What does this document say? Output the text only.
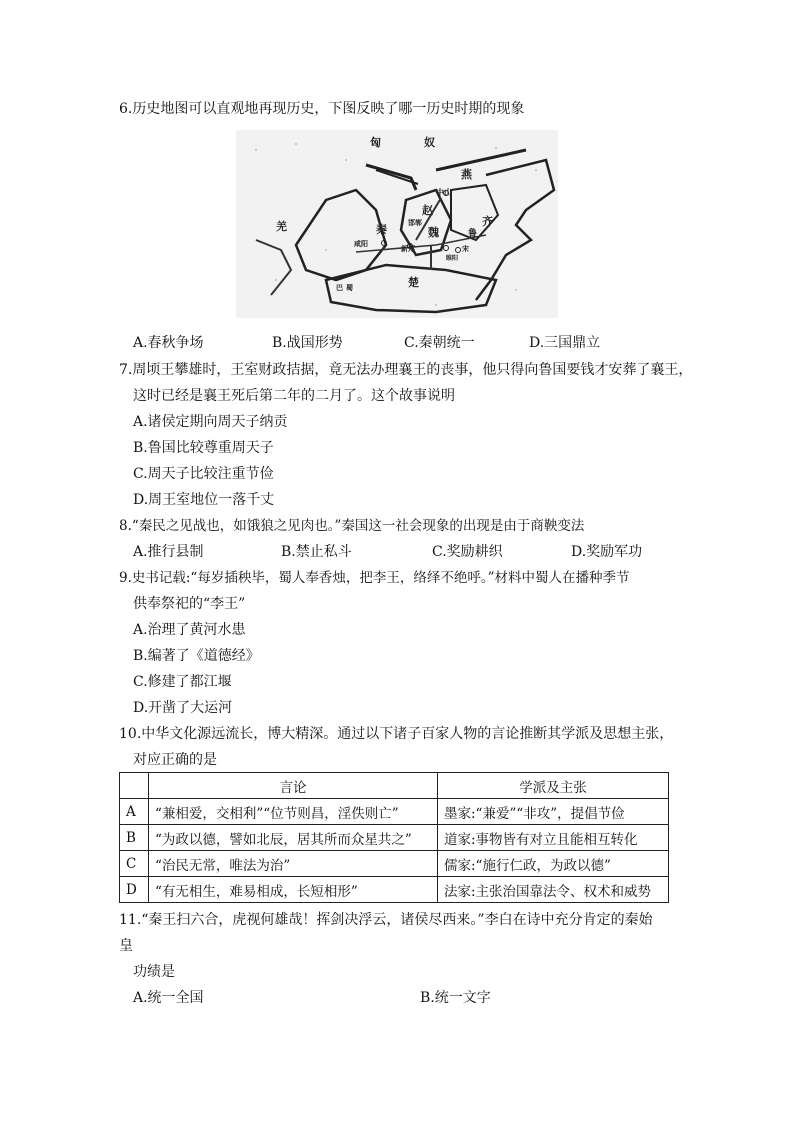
6.历史地图可以直观地再现历史，下图反映了哪一历史时期的现象
匈	奴
燕
中山
赵
邯郸	齐
羌	秦	魏	鲁
咸阳
新郑	宋
睢阳
巴 蜀	楚
A.春秋争场	B.战国形势	C.秦朝统一	D.三国鼎立
7.周顷王攀雄时，王室财政拮据，竟无法办理襄王的丧事，他只得向鲁国要钱才安葬了襄王，
这时已经是襄王死后第二年的二月了。这个故事说明
A.诸侯定期向周天子纳贡
B.鲁国比较尊重周天子
C.周天子比较注重节俭
D.周王室地位一落千丈
8.“秦民之见战也，如饿狼之见肉也。”秦国这一社会现象的出现是由于商鞅变法
A.推行县制	B.禁止私斗	C.奖励耕织	D.奖励军功
9.史书记载:“每岁插秧毕，蜀人奉香烛，把李王，络绎不绝呼。”材料中蜀人在播种季节
供奉祭祀的“李王”
A.治理了黄河水患
B.编著了《道德经》
C.修建了都江堰
D.开凿了大运河
10.中华文化源远流长，博大精深。通过以下诸子百家人物的言论推断其学派及思想主张，
对应正确的是
	言论	学派及主张
A	“兼相爱，交相利”“位节则昌，淫佚则亡”	墨家:“兼爱”“非攻”，提倡节俭
B	“为政以德，譬如北辰，居其所而众星共之”	道家:事物皆有对立且能相互转化
C	“治民无常，唯法为治”	儒家:“施行仁政，为政以德”
D	“有无相生，难易相成，长短相形”	法家:主张治国靠法令、权术和威势
11.“秦王扫六合，虎视何雄哉！挥剑决浮云，诸侯尽西来。”李白在诗中充分肯定的秦始
皇
功绩是
A.统一全国	B.统一文字
